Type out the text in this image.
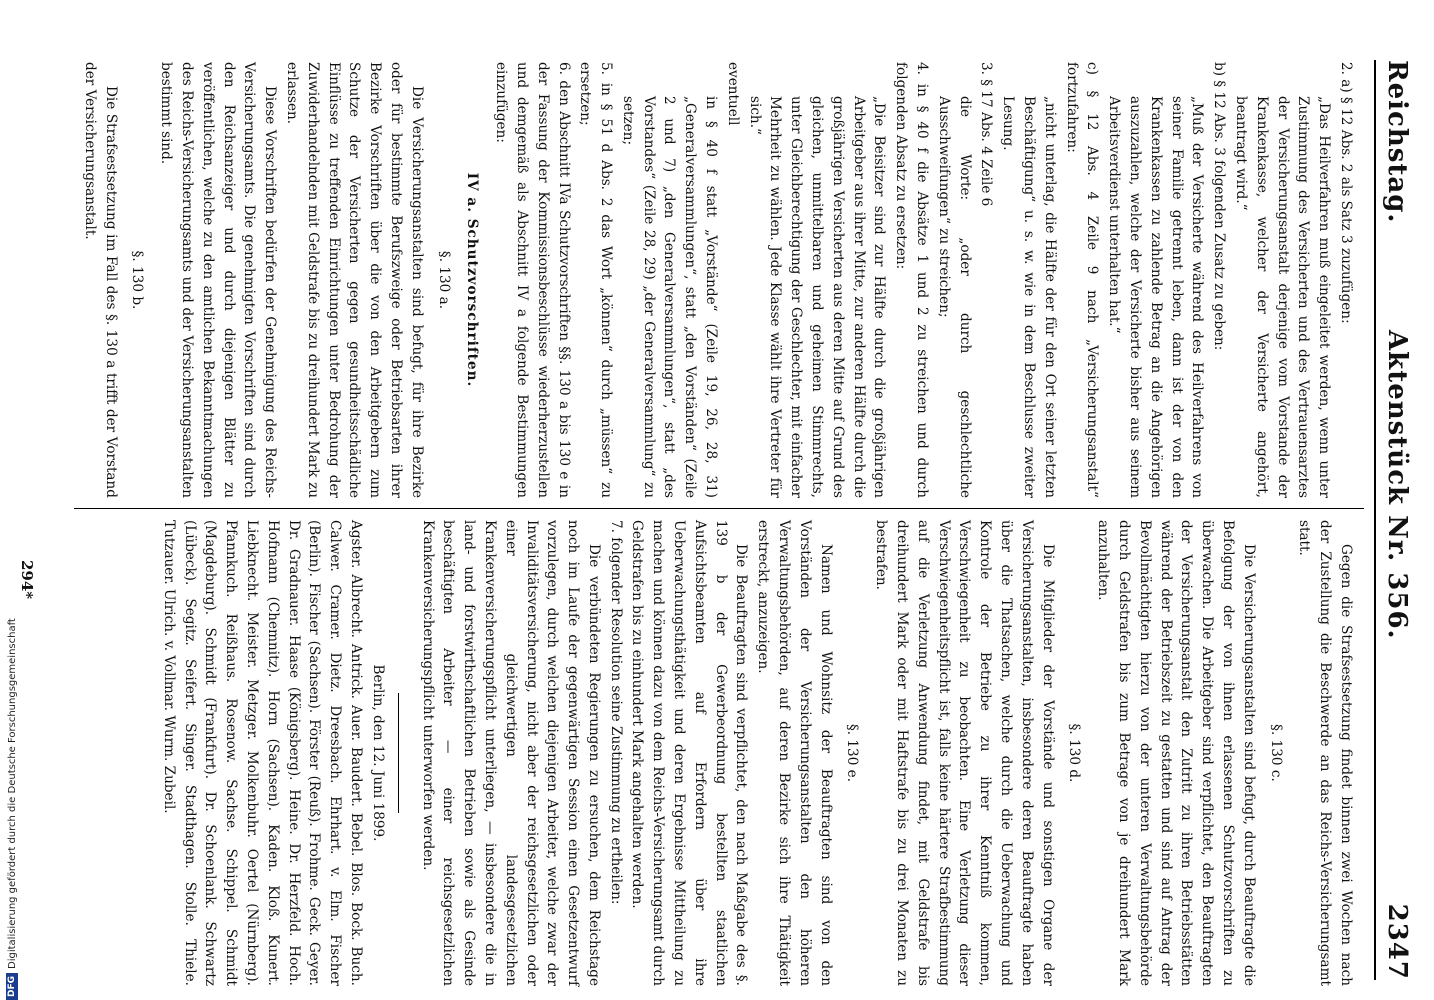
Reichstag.
Aktenstück Nr. 356.
2347

2. a) § 12 Abs. 2 als Satz 3 zuzufügen:

„Das Heilverfahren muß eingeleitet werden, wenn unter Zustimmung des Versicherten und des Vertrauensarztes der Versicherungsanstalt derjenige vom Vorstande der Krankenkasse, welcher der Versicherte angehört, beantragt wird.“

b) § 12 Abs. 3 folgenden Zusatz zu geben:

„Muß der Versicherte während des Heilverfahrens von seiner Familie getrennt leben, dann ist der von den Krankenkassen zu zahlende Betrag an die Angehörigen auszuzahlen, welche der Versicherte bisher aus seinem Arbeitsverdienst unterhalten hat.“

c) § 12 Abs. 4 Zeile 9 nach „Versicherungsanstalt“ fortzufahren:

„nicht unterlag, die Hälfte der für den Ort seiner letzten Beschäftigung“ u. s. w. wie in dem Beschlusse zweiter Lesung.

3. § 17 Abs. 4 Zeile 6

die Worte: „oder durch geschlechtliche Ausschweifungen“ zu streichen;

4. in § 40 f die Absätze 1 und 2 zu streichen und durch folgenden Absatz zu ersetzen:

„Die Beisitzer sind zur Hälfte durch die großjährigen Arbeitgeber aus ihrer Mitte, zur anderen Hälfte durch die großjährigen Versicherten aus deren Mitte auf Grund des gleichen, unmittelbaren und geheimen Stimmrechts, unter Gleichberechtigung der Geschlechter, mit einfacher Mehrheit zu wählen. Jede Klasse wählt ihre Vertreter für sich.“

eventuell

in § 40 f statt „Vorstände“ (Zeile 19, 26, 28, 31) „Generalversammlungen“, statt „den Vorständen“ (Zeile 2 und 7) „den Generalversammlungen“, statt „des Vorstandes“ (Zeile 28, 29) „der Generalversammlung“ zu setzen;

5. in § 51 d Abs. 2 das Wort „können“ durch „müssen“ zu ersetzen;

6. den Abschnitt IVa Schutzvorschriften §§. 130 a bis 130 e in der Fassung der Kommissionsbeschlüsse wiederherzustellen und demgemäß als Abschnitt IV a folgende Bestimmungen einzufügen:

IV a. Schutzvorschriften.

§. 130 a.

Die Versicherungsanstalten sind befugt, für ihre Bezirke oder für bestimmte Berufszweige oder Betriebsarten ihrer Bezirke Vorschriften über die von den Arbeitgebern zum Schutze der Versicherten gegen gesundheitsschädliche Einflüsse zu treffenden Einrichtungen unter Bedrohung der Zuwiderhandelnden mit Geldstrafe bis zu dreihundert Mark zu erlassen.

Diese Vorschriften bedürfen der Genehmigung des Reichs-Versicherungsamts. Die genehmigten Vorschriften sind durch den Reichsanzeiger und durch diejenigen Blätter zu veröffentlichen, welche zu den amtlichen Bekanntmachungen des Reichs-Versicherungsamts und der Versicherungsanstalten bestimmt sind.

§. 130 b.

Die Strafsestsetzung im Fall des §. 130 a trifft der Vorstand der Versicherungsanstalt.

Gegen die Strafsestsetzung findet binnen zwei Wochen nach der Zustellung die Beschwerde an das Reichs-Versicherungsamt statt.

§. 130 c.

Die Versicherungsanstalten sind befugt, durch Beauftragte die Befolgung der von ihnen erlassenen Schutzvorschriften zu überwachen. Die Arbeitgeber sind verpflichtet, den Beauftragten der Versicherungsanstalt den Zutritt zu ihren Betriebsstätten während der Betriebszeit zu gestatten und sind auf Antrag der Bevollmächtigten hierzu von der unteren Verwaltungsbehörde durch Geldstrafen bis zum Betrage von je dreihundert Mark anzuhalten.

§. 130 d.

Die Mitglieder der Vorstände und sonstigen Organe der Versicherungsanstalten, insbesondere deren Beauftragte haben über die Thatsachen, welche durch die Ueberwachung und Kontrole der Betriebe zu ihrer Kenntniß kommen, Verschwiegenheit zu beobachten. Eine Verletzung dieser Verschwiegenheitspflicht ist, falls keine härtere Strafbestimmung auf die Verletzung Anwendung findet, mit Geldstrafe bis dreihundert Mark oder mit Haftstrafe bis zu drei Monaten zu bestrafen.

§. 130 e.

Namen und Wohnsitz der Beauftragten sind von den Vorständen der Versicherungsanstalten den höheren Verwaltungsbehörden, auf deren Bezirke sich ihre Thätigkeit erstreckt, anzuzeigen.

Die Beauftragten sind verpflichtet, den nach Maßgabe des §. 139 b der Gewerbeordnung bestellten staatlichen Aufsichtsbeamten auf Erfordern über ihre Ueberwachungsthätigkeit und deren Ergebnisse Mittheilung zu machen und können dazu von dem Reichs-Versicherungsamt durch Geldstrafen bis zu einhundert Mark angehalten werden.

7. folgender Resolution seine Zustimmung zu ertheilen:

Die verbündeten Regierungen zu ersuchen, dem Reichstage noch im Laufe der gegenwärtigen Session einen Gesetzentwurf vorzulegen, durch welchen diejenigen Arbeiter, welche zwar der Invaliditätsversicherung, nicht aber der reichsgesetzlichen oder einer gleichwertigen landesgesetzlichen Krankenversicherungspflicht unterliegen, — insbesondere die in land- und forstwirthschaftlichen Betrieben sowie als Gesinde beschäftigten Arbeiter — einer reichsgesetzlichen Krankenversicherungspflicht unterworfen werden.

Berlin, den 12. Juni 1899.

Agster. Albrecht. Antrick. Auer. Baudert. Bebel. Blos. Bock. Buch. Calwer. Cramer. Dietz. Dreesbach. Ehrhart. v. Elm. Fischer (Berlin). Fischer (Sachsen). Förster (Reuß). Frohme. Geck. Geyer. Dr. Gradnauer. Haase (Königsberg). Heine. Dr. Herzfeld. Hoch. Hofmann (Chemnitz). Horn (Sachsen). Kaden. Kloß. Kunert. Liebknecht. Meister. Metzger. Molkenbuhr. Oertel (Nürnberg). Pfannkuch. Reißhaus. Rosenow. Sachse. Schippel. Schmidt (Magdeburg). Schmidt (Frankfurt). Dr. Schoenlank. Schwartz (Lübeck). Segitz. Seifert. Singer. Stadthagen. Stolle. Thiele. Tutzauer. Ulrich. v. Vollmar. Wurm. Zubeil.

294*
DFG
Digitalisierung gefördert durch die Deutsche Forschungsgemeinschaft
